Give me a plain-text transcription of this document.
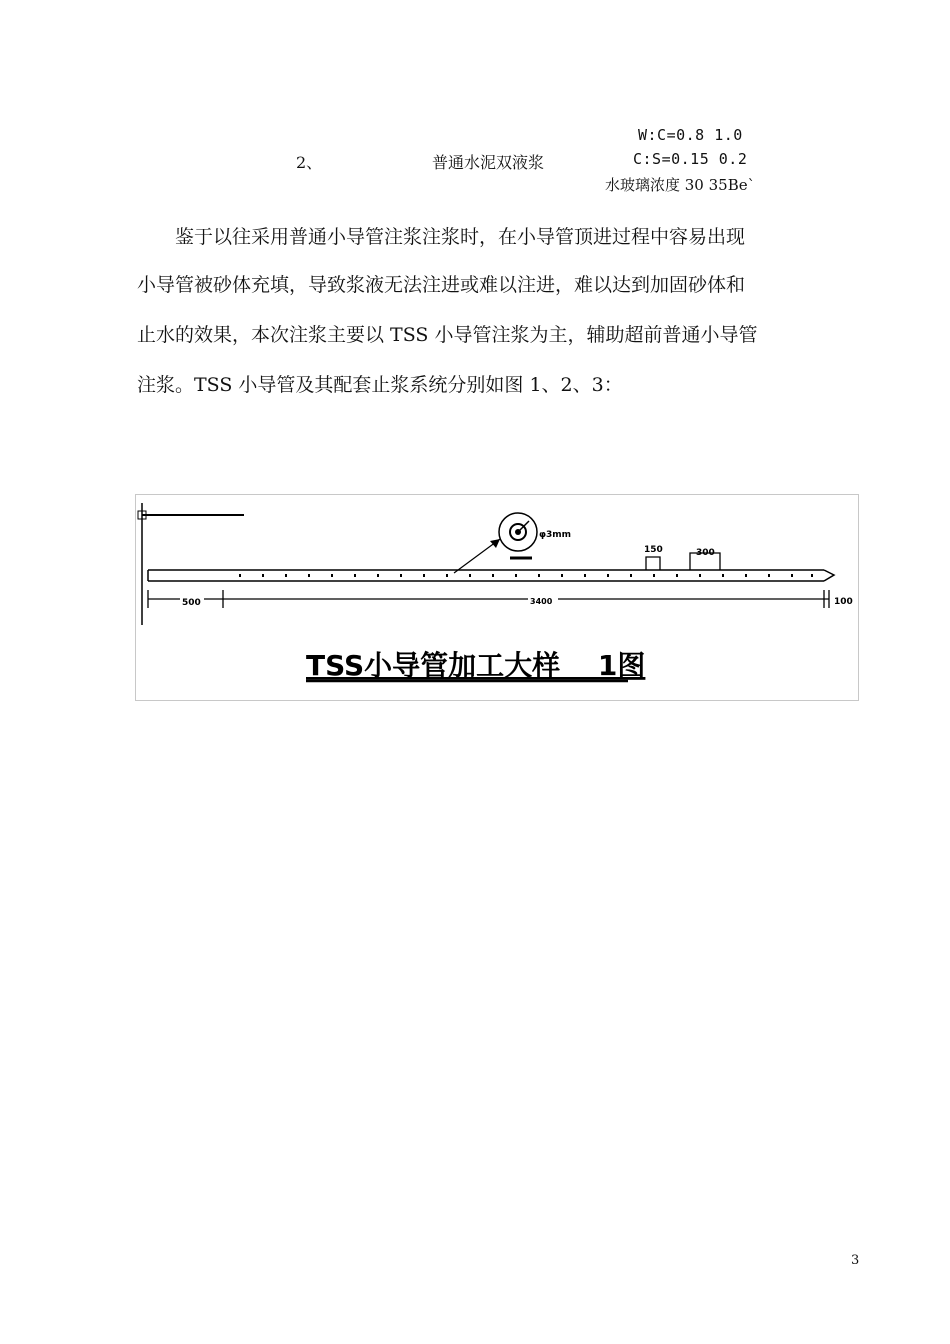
2、	普通水泥双液浆
W:C=0.8 1.0
C:S=0.15 0.2
水玻璃浓度 30 35Be`
　　鉴于以往采用普通小导管注浆注浆时，在小导管顶进过程中容易出现
小导管被砂体充填，导致浆液无法注进或难以注进，难以达到加固砂体和
止水的效果，本次注浆主要以 TSS 小导管注浆为主，辅助超前普通小导管
注浆。TSS 小导管及其配套止浆系统分别如图 1、2、3：
150	300
φ3mm
500	3400	100
TSS小导管加工大样　 1图
3
